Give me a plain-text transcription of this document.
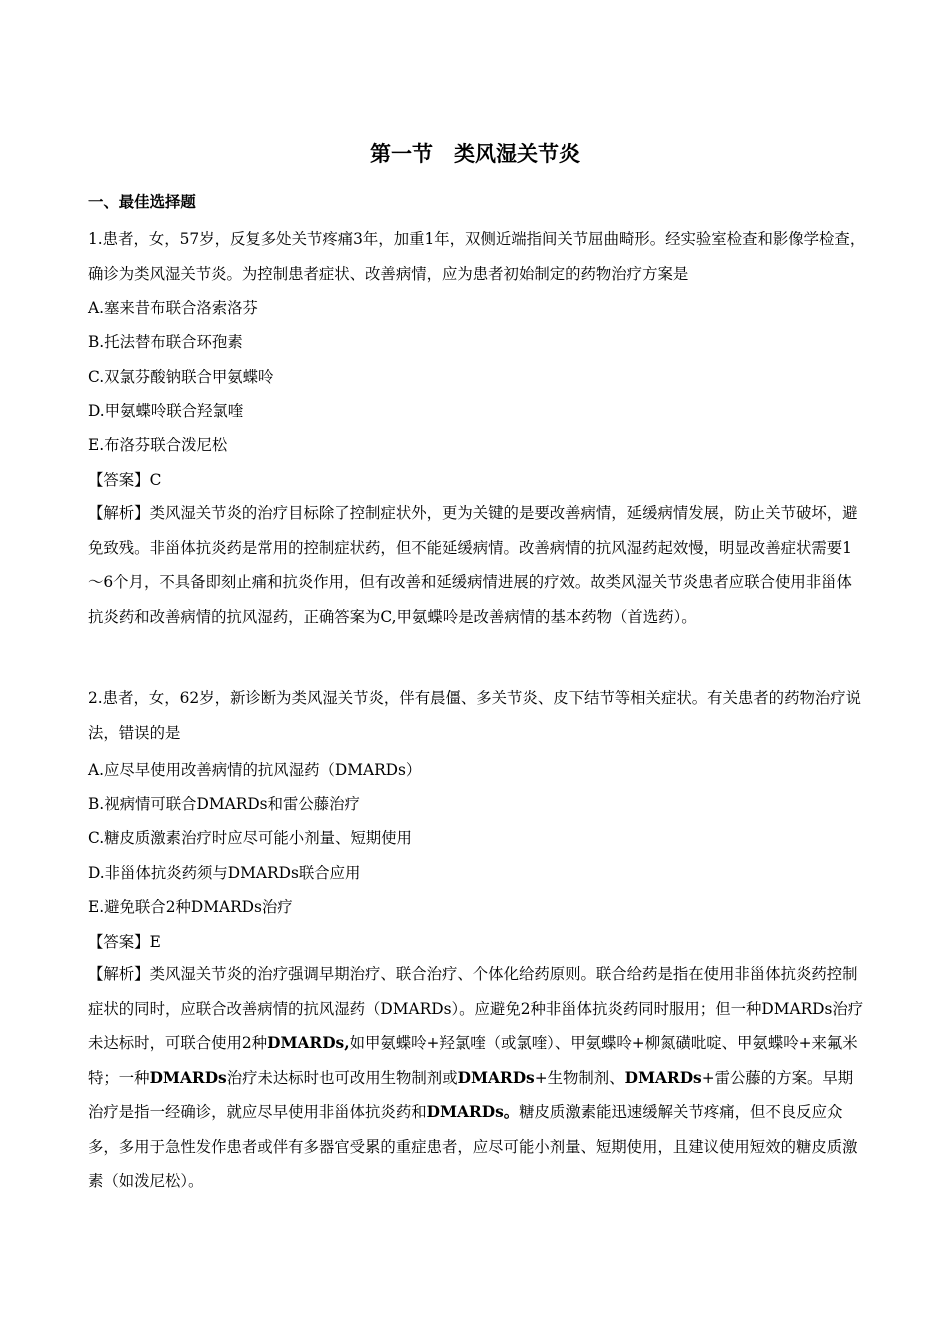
第一节　类风湿关节炎
一、最佳选择题

1.患者，女，57岁，反复多处关节疼痛3年，加重1年，双侧近端指间关节屈曲畸形。经实验室检查和影像学检查，确诊为类风湿关节炎。为控制患者症状、改善病情，应为患者初始制定的药物治疗方案是

A.塞来昔布联合洛索洛芬

B.托法替布联合环孢素

C.双氯芬酸钠联合甲氨蝶呤

D.甲氨蝶呤联合羟氯喹

E.布洛芬联合泼尼松

【答案】C

【解析】类风湿关节炎的治疗目标除了控制症状外，更为关键的是要改善病情，延缓病情发展，防止关节破坏，避免致残。非甾体抗炎药是常用的控制症状药，但不能延缓病情。改善病情的抗风湿药起效慢，明显改善症状需要1～6个月，不具备即刻止痛和抗炎作用，但有改善和延缓病情进展的疗效。故类风湿关节炎患者应联合使用非甾体抗炎药和改善病情的抗风湿药，正确答案为C,甲氨蝶呤是改善病情的基本药物（首选药）。

2.患者，女，62岁，新诊断为类风湿关节炎，伴有晨僵、多关节炎、皮下结节等相关症状。有关患者的药物治疗说法，错误的是

A.应尽早使用改善病情的抗风湿药（DMARDs）

B.视病情可联合DMARDs和雷公藤治疗

C.糖皮质激素治疗时应尽可能小剂量、短期使用

D.非甾体抗炎药须与DMARDs联合应用

E.避免联合2种DMARDs治疗

【答案】E

【解析】类风湿关节炎的治疗强调早期治疗、联合治疗、个体化给药原则。联合给药是指在使用非甾体抗炎药控制症状的同时，应联合改善病情的抗风湿药（DMARDs）。应避免2种非甾体抗炎药同时服用；但一种DMARDs治疗未达标时，可联合使用2种DMARDs,如甲氨蝶呤+羟氯喹（或氯喹）、甲氨蝶呤+柳氮磺吡啶、甲氨蝶呤+来氟米特；一种DMARDs治疗未达标时也可改用生物制剂或DMARDs+生物制剂、DMARDs+雷公藤的方案。早期治疗是指一经确诊，就应尽早使用非甾体抗炎药和DMARDs。糖皮质激素能迅速缓解关节疼痛，但不良反应众多，多用于急性发作患者或伴有多器官受累的重症患者，应尽可能小剂量、短期使用，且建议使用短效的糖皮质激素（如泼尼松）。
